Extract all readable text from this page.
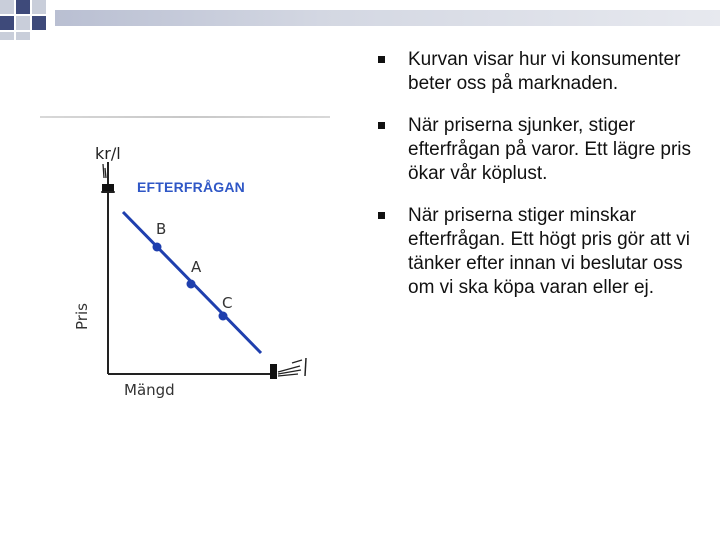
kr/l
EFTERFRÅGAN
B
A
C
Mängd
Pris
Kurvan visar hur vi konsumenter beter oss på marknaden.
När priserna sjunker, stiger efterfrågan på varor. Ett lägre pris ökar vår köplust.
När priserna stiger minskar efterfrågan. Ett högt pris gör att vi tänker efter innan vi beslutar oss om vi ska köpa varan eller ej.
